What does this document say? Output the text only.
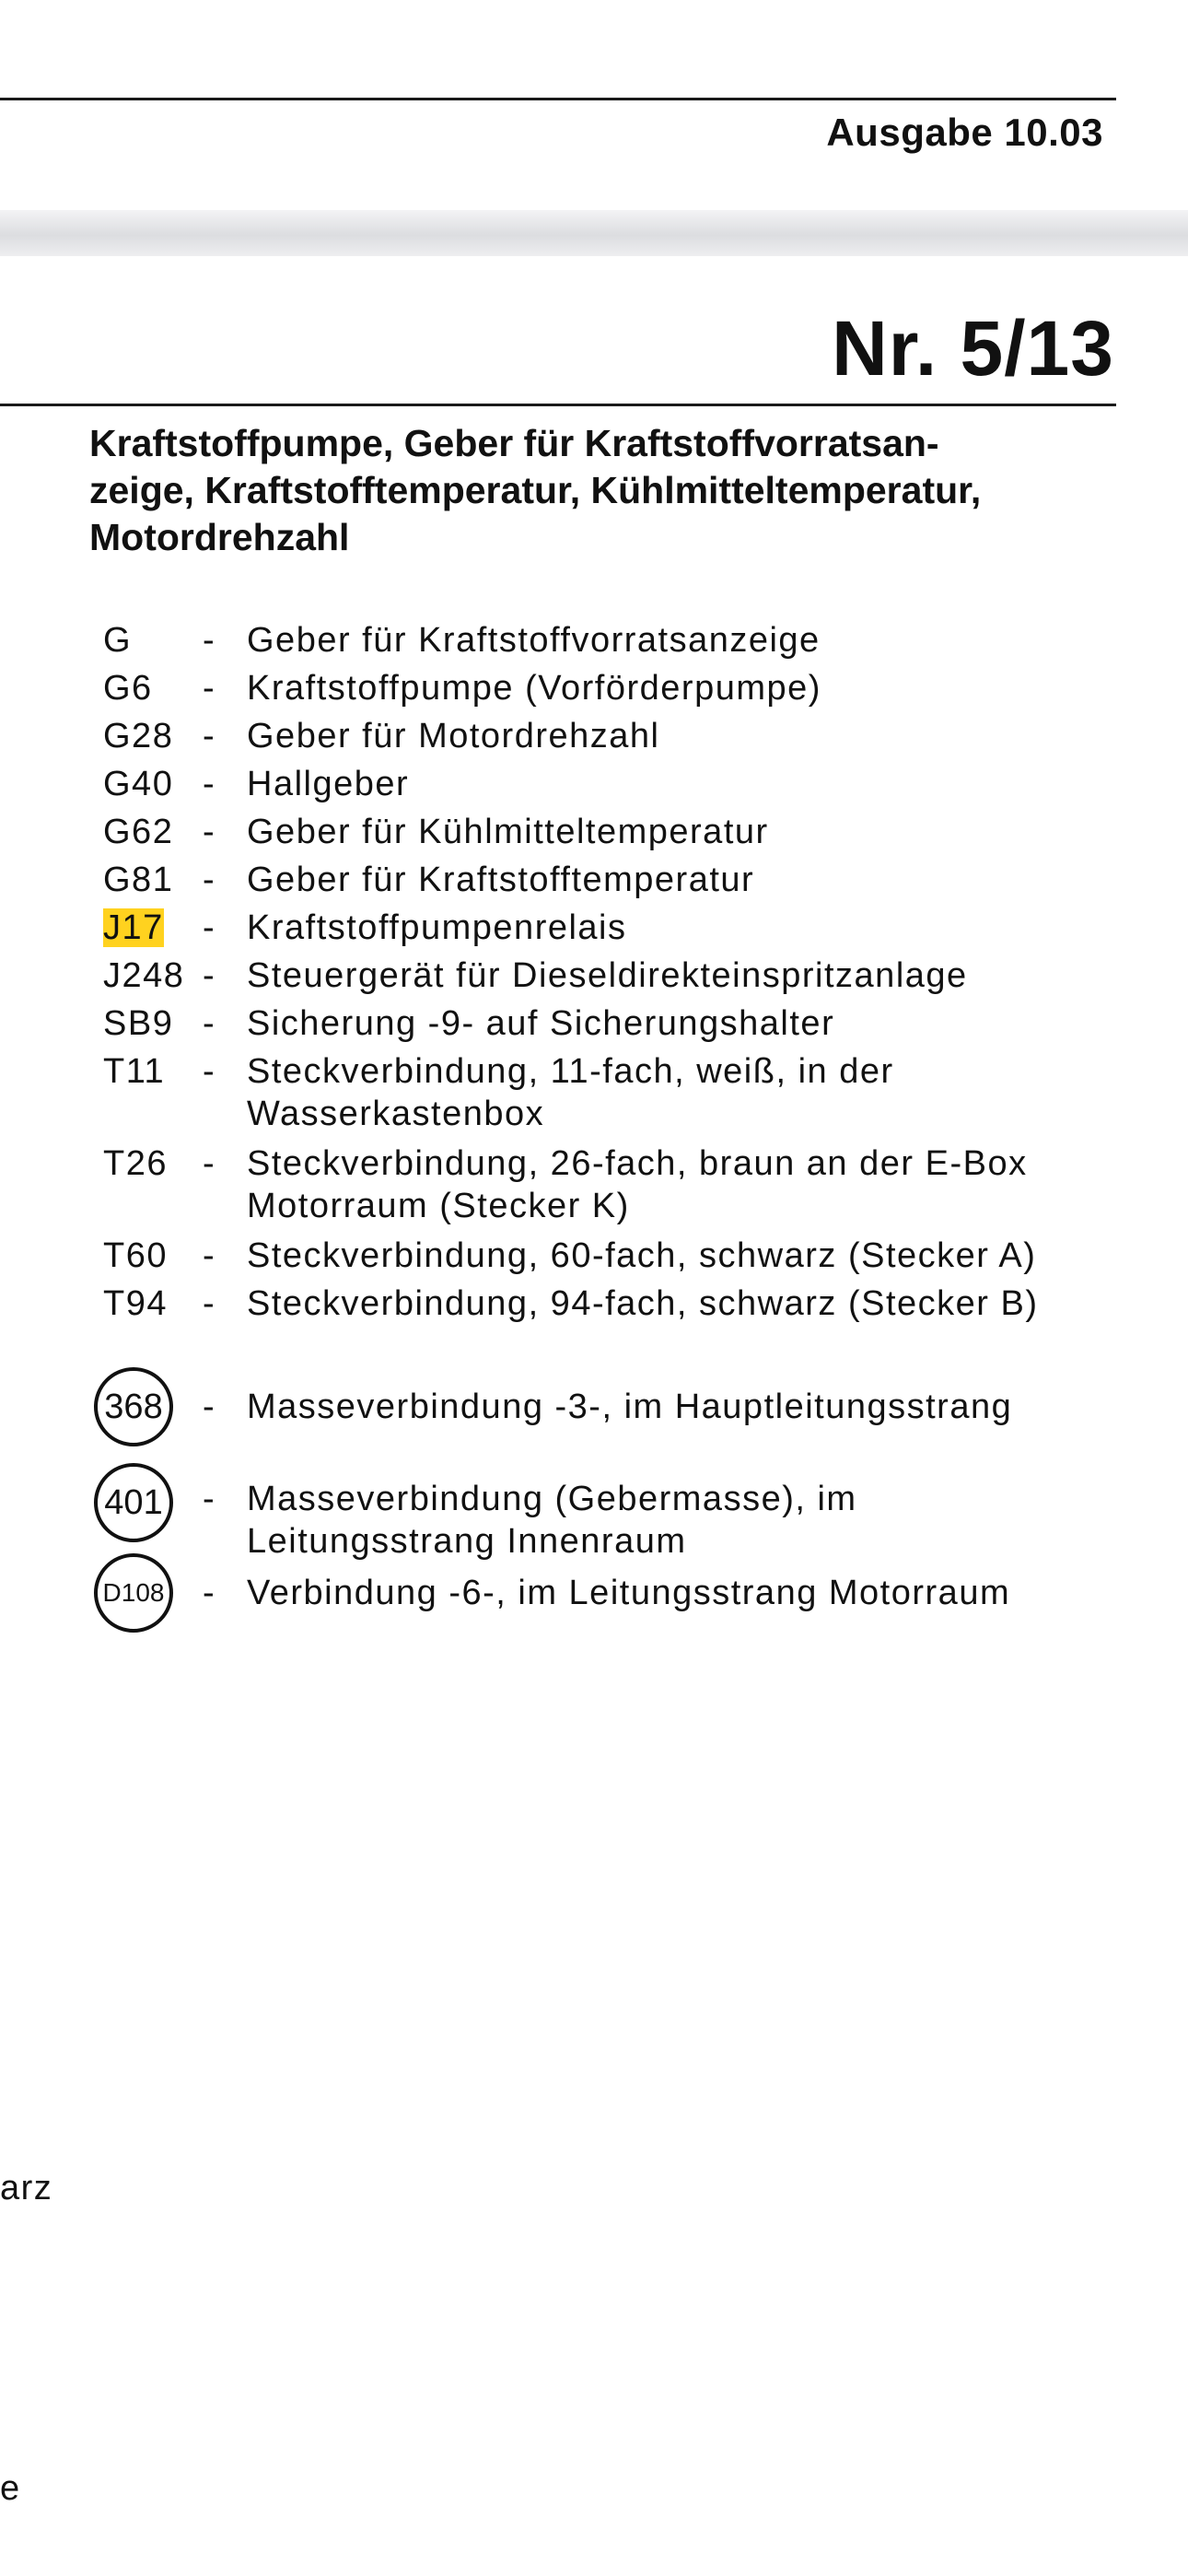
Ausgabe 10.03
Nr. 5/13
Kraftstoffpumpe, Geber für Kraftstoffvorratsan-
zeige, Kraftstofftemperatur, Kühlmitteltemperatur,
Motordrehzahl
G	- Geber für Kraftstoffvorratsanzeige
G6	- Kraftstoffpumpe (Vorförderpumpe)
G28 - Geber für Motordrehzahl
G40 - Hallgeber
G62 - Geber für Kühlmitteltemperatur
G81 - Geber für Kraftstofftemperatur
J17	- Kraftstoffpumpenrelais
J248 - Steuergerät für Dieseldirekteinspritzanlage
SB9 - Sicherung -9- auf Sicherungshalter
T11	- Steckverbindung, 11-fach, weiß, in der Wasserkastenbox
T26	- Steckverbindung, 26-fach, braun an der E-Box Motorraum (Stecker K)
T60	- Steckverbindung, 60-fach, schwarz (Stecker A)
T94	- Steckverbindung, 94-fach, schwarz (Stecker B)
368 - Masseverbindung -3-, im Hauptleitungsstrang
401 - Masseverbindung (Gebermasse), im Leitungsstrang Innenraum
D108 - Verbindung -6-, im Leitungsstrang Motorraum
arz
e
